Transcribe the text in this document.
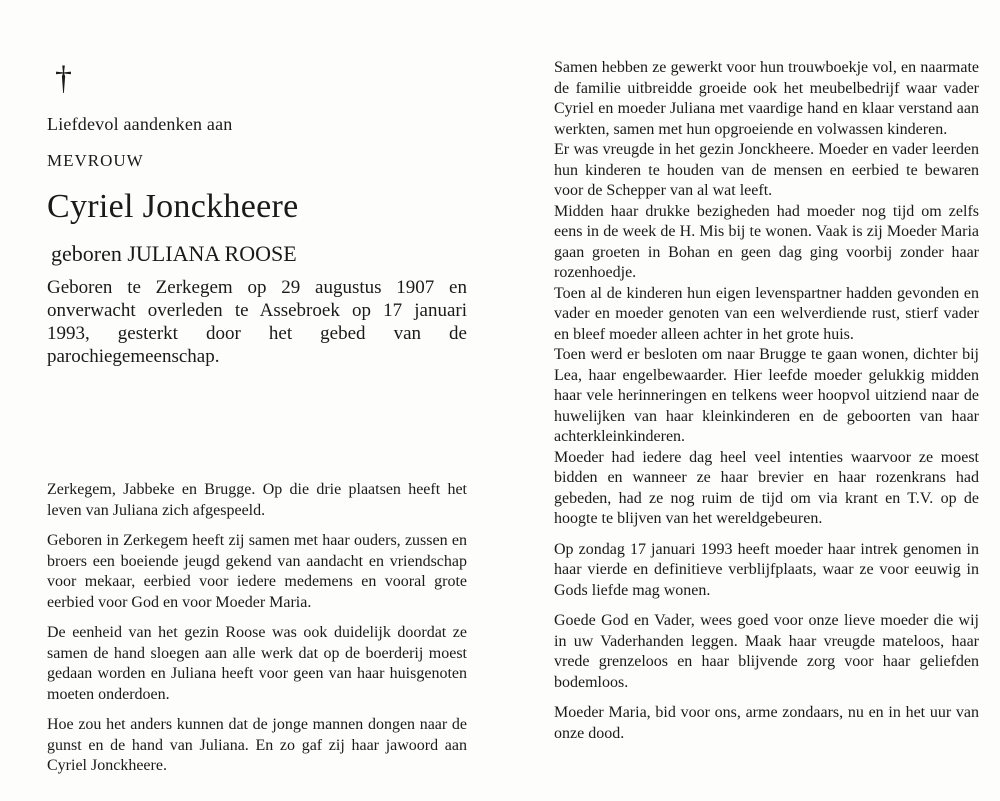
†
Liefdevol aandenken aan
MEVROUW
Cyriel Jonckheere
geboren JULIANA ROOSE
Geboren te Zerkegem op 29 augustus 1907 en onverwacht overleden te Assebroek op 17 januari 1993, gesterkt door het gebed van de parochiegemeenschap.

Zerkegem, Jabbeke en Brugge. Op die drie plaatsen heeft het leven van Juliana zich afgespeeld.

Geboren in Zerkegem heeft zij samen met haar ouders, zussen en broers een boeiende jeugd gekend van aandacht en vriendschap voor mekaar, eerbied voor iedere medemens en vooral grote eerbied voor God en voor Moeder Maria.

De eenheid van het gezin Roose was ook duidelijk doordat ze samen de hand sloegen aan alle werk dat op de boerderij moest gedaan worden en Juliana heeft voor geen van haar huisgenoten moeten onderdoen.

Hoe zou het anders kunnen dat de jonge mannen dongen naar de gunst en de hand van Juliana. En zo gaf zij haar jawoord aan Cyriel Jonckheere.

Samen hebben ze gewerkt voor hun trouwboekje vol, en naarmate de familie uitbreidde groeide ook het meubelbedrijf waar vader Cyriel en moeder Juliana met vaardige hand en klaar verstand aan werkten, samen met hun opgroeiende en volwassen kinderen.

Er was vreugde in het gezin Jonckheere. Moeder en vader leerden hun kinderen te houden van de mensen en eerbied te bewaren voor de Schepper van al wat leeft.

Midden haar drukke bezigheden had moeder nog tijd om zelfs eens in de week de H. Mis bij te wonen. Vaak is zij Moeder Maria gaan groeten in Bohan en geen dag ging voorbij zonder haar rozenhoedje.

Toen al de kinderen hun eigen levenspartner hadden gevonden en vader en moeder genoten van een welverdiende rust, stierf vader en bleef moeder alleen achter in het grote huis.

Toen werd er besloten om naar Brugge te gaan wonen, dichter bij Lea, haar engelbewaarder. Hier leefde moeder gelukkig midden haar vele herinneringen en telkens weer hoopvol uitziend naar de huwelijken van haar kleinkinderen en de geboorten van haar achterkleinkinderen.

Moeder had iedere dag heel veel intenties waarvoor ze moest bidden en wanneer ze haar brevier en haar rozenkrans had gebeden, had ze nog ruim de tijd om via krant en T.V. op de hoogte te blijven van het wereldgebeuren.

Op zondag 17 januari 1993 heeft moeder haar intrek genomen in haar vierde en definitieve verblijfplaats, waar ze voor eeuwig in Gods liefde mag wonen.

Goede God en Vader, wees goed voor onze lieve moeder die wij in uw Vaderhanden leggen. Maak haar vreugde mateloos, haar vrede grenzeloos en haar blijvende zorg voor haar geliefden bodemloos.

Moeder Maria, bid voor ons, arme zondaars, nu en in het uur van onze dood.
